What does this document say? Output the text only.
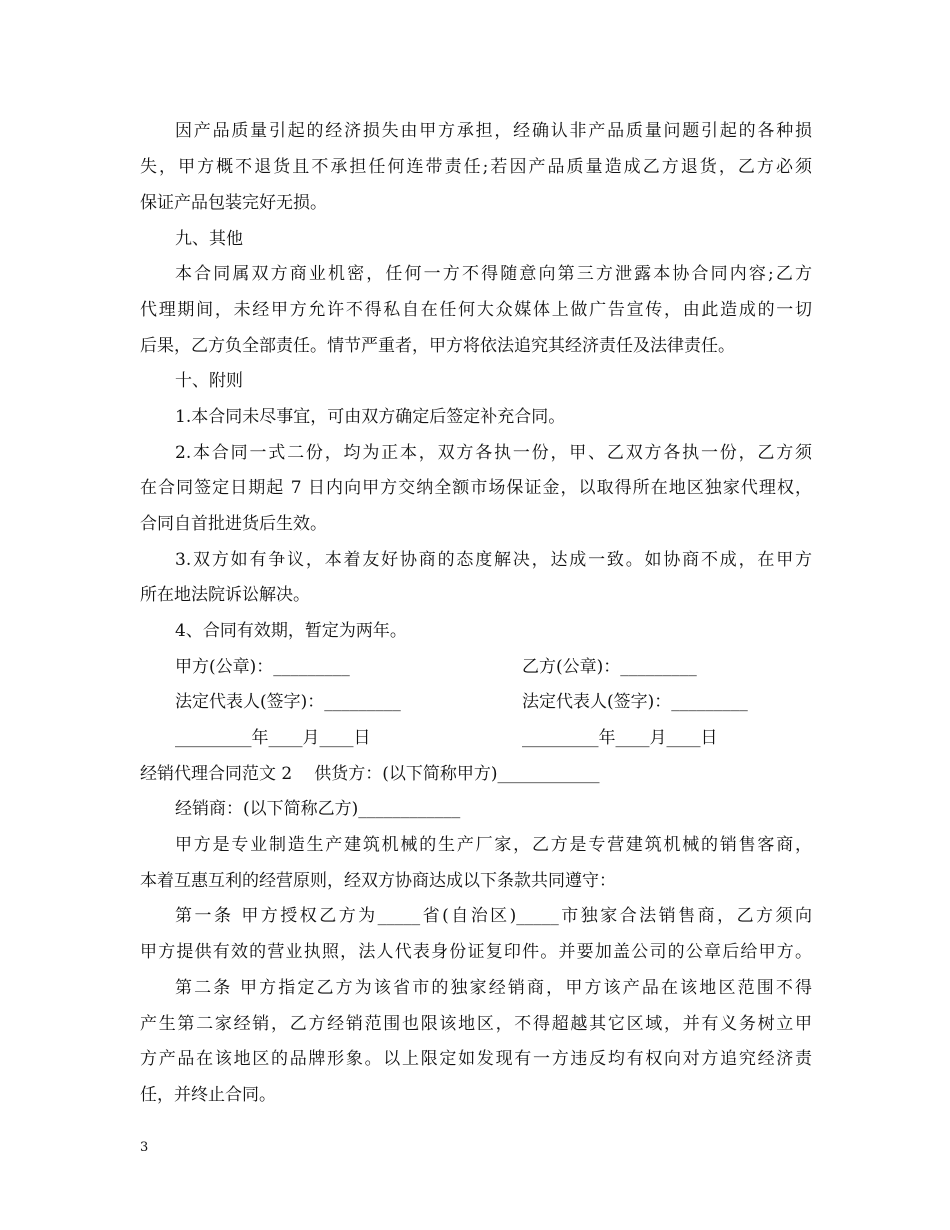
因产品质量引起的经济损失由甲方承担，经确认非产品质量问题引起的各种损
失，甲方概不退货且不承担任何连带责任;若因产品质量造成乙方退货，乙方必须
保证产品包装完好无损。
九、其他
本合同属双方商业机密，任何一方不得随意向第三方泄露本协合同内容;乙方
代理期间，未经甲方允许不得私自在任何大众媒体上做广告宣传，由此造成的一切
后果，乙方负全部责任。情节严重者，甲方将依法追究其经济责任及法律责任。
十、附则
1.本合同未尽事宜，可由双方确定后签定补充合同。
2.本合同一式二份，均为正本，双方各执一份，甲、乙双方各执一份，乙方须
在合同签定日期起 7 日内向甲方交纳全额市场保证金，以取得所在地区独家代理权，
合同自首批进货后生效。
3.双方如有争议，本着友好协商的态度解决，达成一致。如协商不成，在甲方
所在地法院诉讼解决。
4、合同有效期，暂定为两年。
甲方(公章)：_________	乙方(公章)：_________
法定代表人(签字)：_________	法定代表人(签字)：_________
_________年____月____日	_________年____月____日
经销代理合同范文 2 供货方：(以下简称甲方)____________
经销商：(以下简称乙方)____________
甲方是专业制造生产建筑机械的生产厂家，乙方是专营建筑机械的销售客商，
本着互惠互利的经营原则，经双方协商达成以下条款共同遵守：
第一条 甲方授权乙方为_____省(自治区)_____市独家合法销售商，乙方须向
甲方提供有效的营业执照，法人代表身份证复印件。并要加盖公司的公章后给甲方。
第二条 甲方指定乙方为该省市的独家经销商，甲方该产品在该地区范围不得
产生第二家经销，乙方经销范围也限该地区，不得超越其它区域，并有义务树立甲
方产品在该地区的品牌形象。以上限定如发现有一方违反均有权向对方追究经济责
任，并终止合同。
3
